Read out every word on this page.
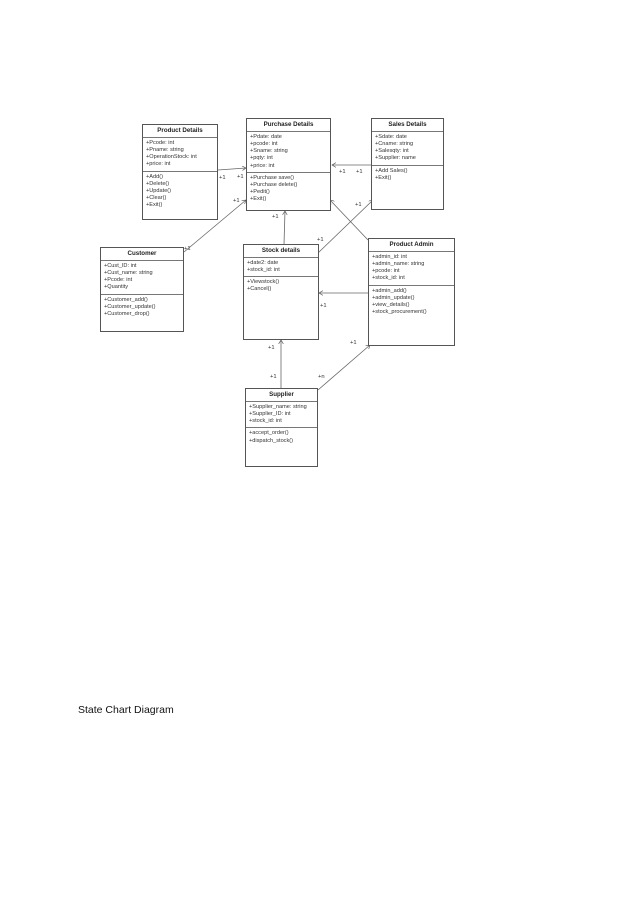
+1 +1
+1 +1
+1
+1
+1
+1
+1
+1
+1
+1	+n
+1
Product Details
+Pcode: int
+Pname: string
+OperationStock: int
+price: int
+Add()
+Delete()
+Update()
+Clear()
+Exit()
Purchase Details
+Pdate: date
+pcode: int
+Sname: string
+pqty: int
+price: int
+Purchase save()
+Purchase delete()
+Pedit()
+Exit()
Sales Details
+Sdate: date
+Cname: string
+Salesqty: int
+Supplier: name
+Add Sales()
+Exit()
Customer
+Cust_ID: int
+Cust_name: string
+Pcode: int
+Quantity
+Customer_add()
+Customer_update()
+Customer_drop()
Stock details
+date2: date
+stock_id: int
+Viewstock()
+Cancel()
Product Admin
+admin_id: int
+admin_name: string
+pcode: int
+stock_id: int
+admin_add()
+admin_update()
+view_details()
+stock_procurement()
Supplier
+Supplier_name: string
+Supplier_ID: int
+stock_id: int
+accept_order()
+dispatch_stock()
State Chart Diagram
